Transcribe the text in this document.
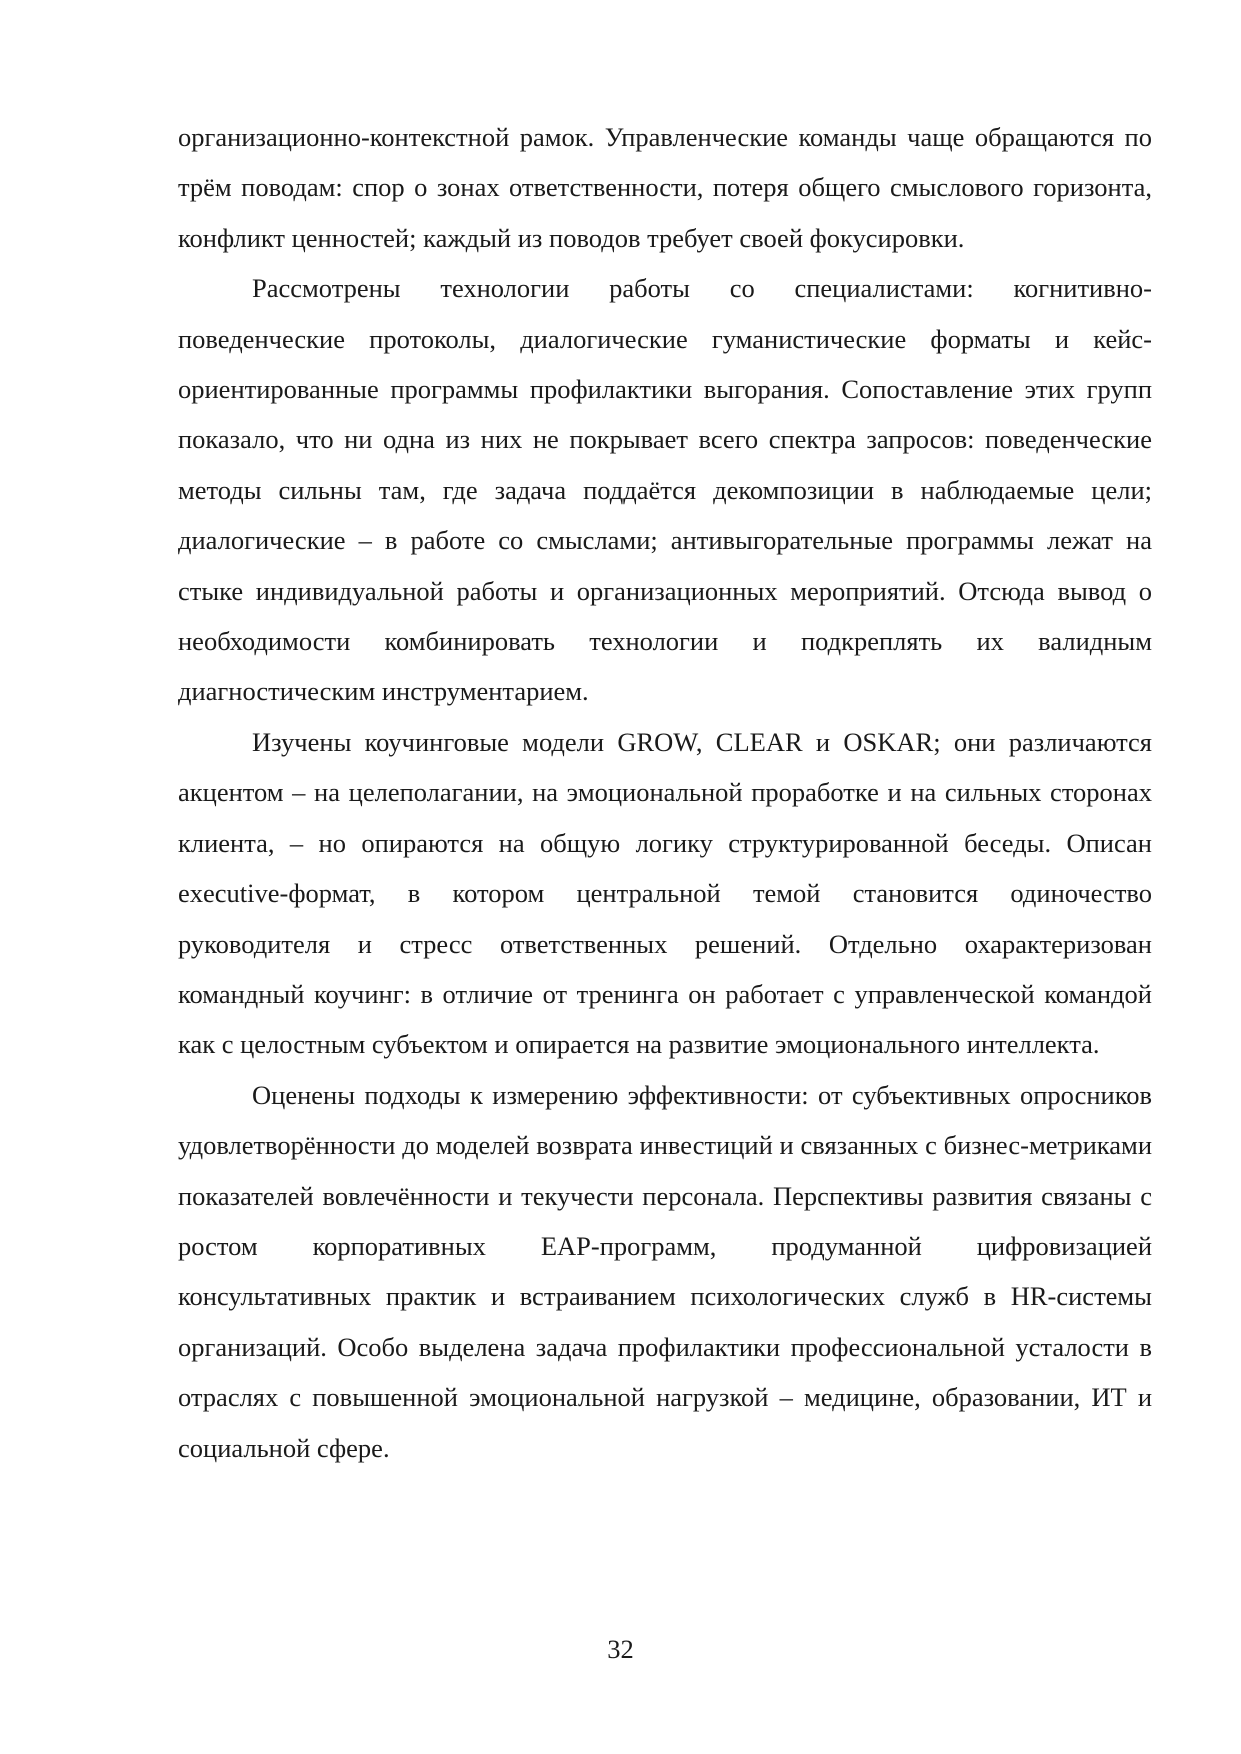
организационно-контекстной рамок. Управленческие команды чаще обращаются по трём поводам: спор о зонах ответственности, потеря общего смыслового горизонта, конфликт ценностей; каждый из поводов требует своей фокусировки.

Рассмотрены технологии работы со специалистами: когнитивно-поведенческие протоколы, диалогические гуманистические форматы и кейс-ориентированные программы профилактики выгорания. Сопоставление этих групп показало, что ни одна из них не покрывает всего спектра запросов: поведенческие методы сильны там, где задача поддаётся декомпозиции в наблюдаемые цели; диалогические – в работе со смыслами; антивыгорательные программы лежат на стыке индивидуальной работы и организационных мероприятий. Отсюда вывод о необходимости комбинировать технологии и подкреплять их валидным диагностическим инструментарием.

Изучены коучинговые модели GROW, CLEAR и OSKAR; они различаются акцентом – на целеполагании, на эмоциональной проработке и на сильных сторонах клиента, – но опираются на общую логику структурированной беседы. Описан executive-формат, в котором центральной темой становится одиночество руководителя и стресс ответственных решений. Отдельно охарактеризован командный коучинг: в отличие от тренинга он работает с управленческой командой как с целостным субъектом и опирается на развитие эмоционального интеллекта.

Оценены подходы к измерению эффективности: от субъективных опросников удовлетворённости до моделей возврата инвестиций и связанных с бизнес-метриками показателей вовлечённости и текучести персонала. Перспективы развития связаны с ростом корпоративных EAP-программ, продуманной цифровизацией консультативных практик и встраиванием психологических служб в HR-системы организаций. Особо выделена задача профилактики профессиональной усталости в отраслях с повышенной эмоциональной нагрузкой – медицине, образовании, ИТ и социальной сфере.

32
